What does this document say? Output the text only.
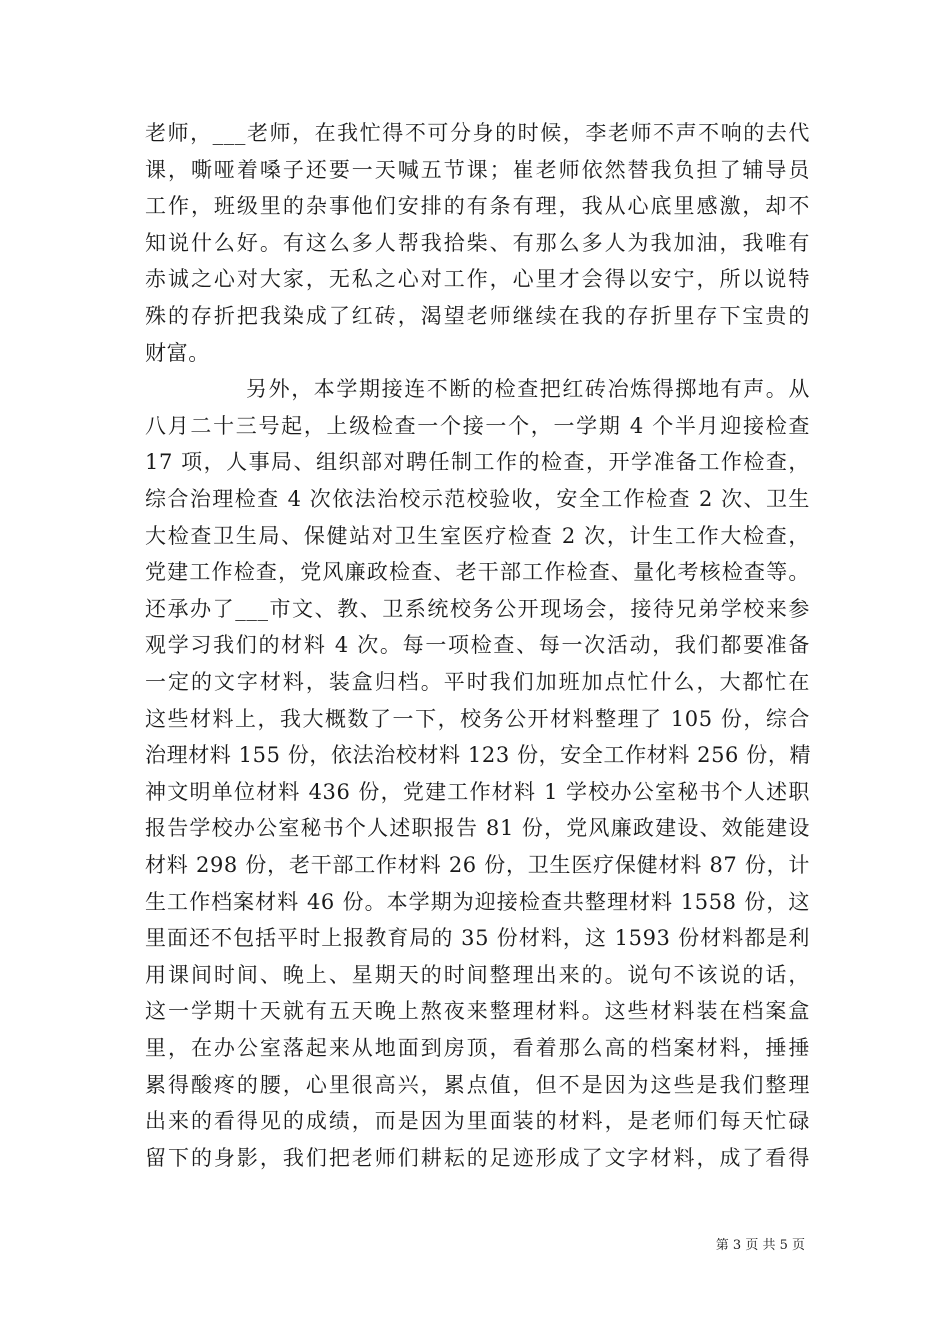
老师，___老师，在我忙得不可分身的时候，李老师不声不响的去代
课，嘶哑着嗓子还要一天喊五节课；崔老师依然替我负担了辅导员
工作，班级里的杂事他们安排的有条有理，我从心底里感激，却不
知说什么好。有这么多人帮我拾柴、有那么多人为我加油，我唯有
赤诚之心对大家，无私之心对工作，心里才会得以安宁，所以说特
殊的存折把我染成了红砖，渴望老师继续在我的存折里存下宝贵的
财富。
另外，本学期接连不断的检查把红砖冶炼得掷地有声。从
八月二十三号起，上级检查一个接一个，一学期 4 个半月迎接检查
17 项，人事局、组织部对聘任制工作的检查，开学准备工作检查，
综合治理检查 4 次依法治校示范校验收，安全工作检查 2 次、卫生
大检查卫生局、保健站对卫生室医疗检查 2 次，计生工作大检查，
党建工作检查，党风廉政检查、老干部工作检查、量化考核检查等。
还承办了___市文、教、卫系统校务公开现场会，接待兄弟学校来参
观学习我们的材料 4 次。每一项检查、每一次活动，我们都要准备
一定的文字材料，装盒归档。平时我们加班加点忙什么，大都忙在
这些材料上，我大概数了一下，校务公开材料整理了 105 份，综合
治理材料 155 份，依法治校材料 123 份，安全工作材料 256 份，精
神文明单位材料 436 份，党建工作材料 1 学校办公室秘书个人述职
报告学校办公室秘书个人述职报告 81 份，党风廉政建设、效能建设
材料 298 份，老干部工作材料 26 份，卫生医疗保健材料 87 份，计
生工作档案材料 46 份。本学期为迎接检查共整理材料 1558 份，这
里面还不包括平时上报教育局的 35 份材料，这 1593 份材料都是利
用课间时间、晚上、星期天的时间整理出来的。说句不该说的话，
这一学期十天就有五天晚上熬夜来整理材料。这些材料装在档案盒
里，在办公室落起来从地面到房顶，看着那么高的档案材料，捶捶
累得酸疼的腰，心里很高兴，累点值，但不是因为这些是我们整理
出来的看得见的成绩，而是因为里面装的材料，是老师们每天忙碌
留下的身影，我们把老师们耕耘的足迹形成了文字材料，成了看得
第 3 页 共 5 页
